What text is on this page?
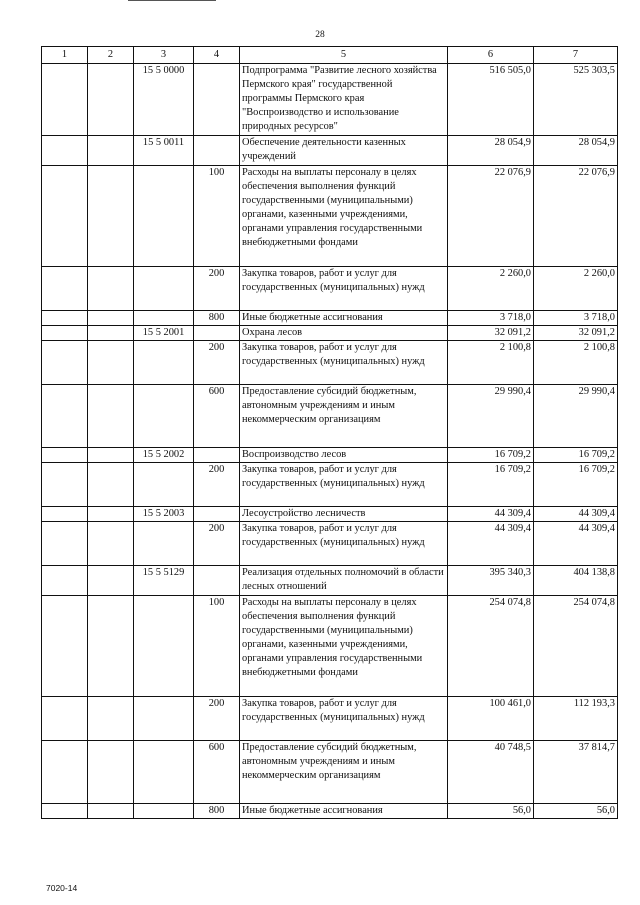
28
1	2	3	4	5	6	7
		15 5 0000		Подпрограмма "Развитие лесного хозяйства Пермского края" государственной программы Пермского края "Воспроизводство и использование природных ресурсов"	516 505,0	525 303,5
		15 5 0011		Обеспечение деятельности казенных учреждений	28 054,9	28 054,9
			100	Расходы на выплаты персоналу в целях обеспечения выполнения функций государственными (муниципальными) органами, казенными учреждениями, органами управления государственными внебюджетными фондами	22 076,9	22 076,9
			200	Закупка товаров, работ и услуг для государственных (муниципальных) нужд	2 260,0	2 260,0
			800	Иные бюджетные ассигнования	3 718,0	3 718,0
		15 5 2001		Охрана лесов	32 091,2	32 091,2
			200	Закупка товаров, работ и услуг для государственных (муниципальных) нужд	2 100,8	2 100,8
			600	Предоставление субсидий бюджетным, автономным учреждениям и иным некоммерческим организациям	29 990,4	29 990,4
		15 5 2002		Воспроизводство лесов	16 709,2	16 709,2
			200	Закупка товаров, работ и услуг для государственных (муниципальных) нужд	16 709,2	16 709,2
		15 5 2003		Лесоустройство лесничеств	44 309,4	44 309,4
			200	Закупка товаров, работ и услуг для государственных (муниципальных) нужд	44 309,4	44 309,4
		15 5 5129		Реализация отдельных полномочий в области лесных отношений	395 340,3	404 138,8
			100	Расходы на выплаты персоналу в целях обеспечения выполнения функций государственными (муниципальными) органами, казенными учреждениями, органами управления государственными внебюджетными фондами	254 074,8	254 074,8
			200	Закупка товаров, работ и услуг для государственных (муниципальных) нужд	100 461,0	112 193,3
			600	Предоставление субсидий бюджетным, автономным учреждениям и иным некоммерческим организациям	40 748,5	37 814,7
			800	Иные бюджетные ассигнования	56,0	56,0
7020-14
